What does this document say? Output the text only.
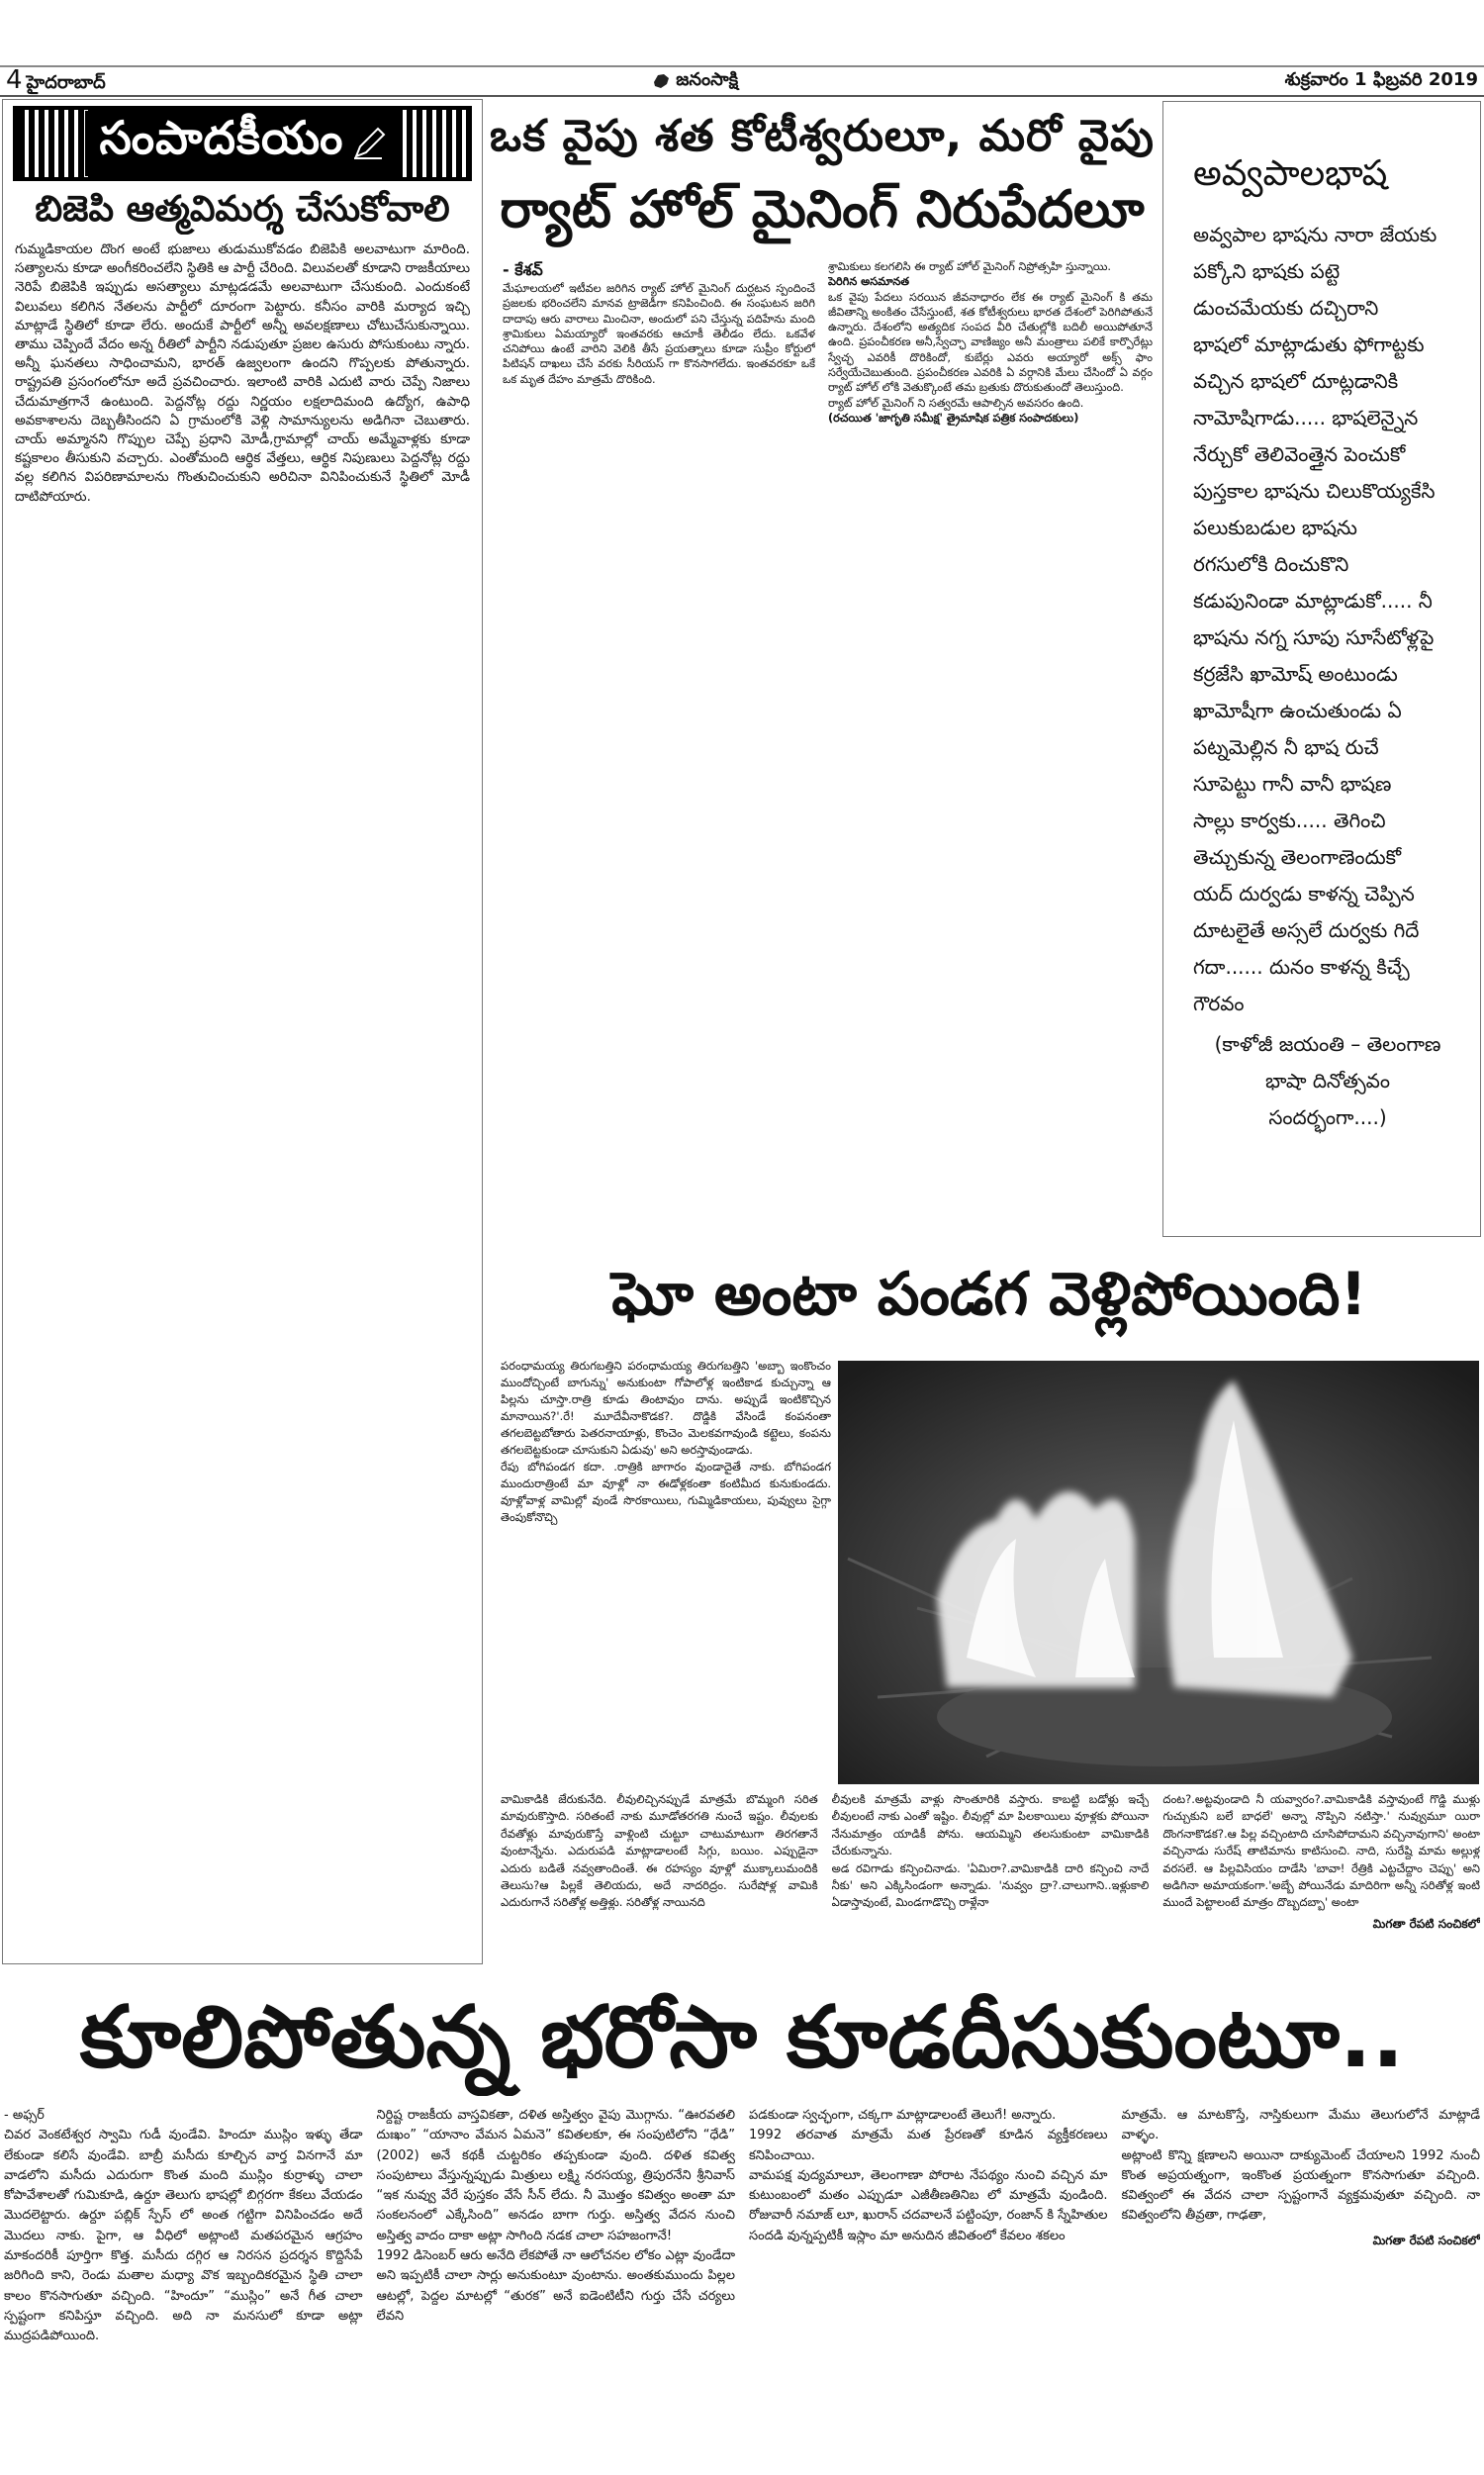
4 హైదరాబాద్	జనంసాక్షి	శుక్రవారం 1 ఫిబ్రవరి 2019
సంపాదకీయం
బిజెపి ఆత్మవిమర్శ చేసుకోవాలి

గుమ్మడికాయల దొంగ అంటే భుజాలు తుడుముకోవడం బిజెపికి అలవాటుగా మారింది. సత్యాలను కూడా అంగీకరించలేని స్థితికి ఆ పార్టీ చేరింది. విలువలతో కూడాని రాజకీయాలు నెరిపే బిజెపికి ఇప్పుడు అసత్యాలు మాట్లడడమే అలవాటుగా చేసుకుంది. ఎందుకంటే విలువలు కలిగిన నేతలను పార్టీలో దూరంగా పెట్టారు. కనీసం వారికి మర్యాద ఇచ్చి మాట్లాడే స్థితిలో కూడా లేరు. అందుకే పార్టీలో అన్నీ అవలక్షణాలు చోటుచేసుకున్నాయి. తాము చెప్పిందే వేదం అన్న రీతిలో పార్టీని నడుపుతూ ప్రజల ఉసురు పోసుకుంటు న్నారు. అన్నీ ఘనతలు సాధించామని, భారత్ ఉజ్వలంగా ఉందని గొప్పలకు పోతున్నారు. రాష్ట్రపతి ప్రసంగంలోనూ అదే ప్రవచించారు. ఇలాంటి వారికి ఎదుటి వారు చెప్పే నిజాలు చేదుమాత్రగానే ఉంటుంది. పెద్దనోట్ల రద్దు నిర్ణయం లక్షలాదిమంది ఉద్యోగ, ఉపాధి అవకాశాలను దెబ్బతీసిందని ఏ గ్రామంలోకి వెళ్లి సామాన్యులను అడిగినా చెబుతారు. చాయ్ అమ్మానని గొప్పుల చెప్పే ప్రధాని మోడీ,గ్రామాల్లో చాయ్ అమ్మేవాళ్లకు కూడా కష్టకాలం తీసుకుని వచ్చారు. ఎంతోమంది ఆర్థిక వేత్తలు, ఆర్థిక నిపుణులు పెద్దనోట్ల రద్దు వల్ల కలిగిన విపరిణామాలను గొంతుచించుకుని అరిచినా వినిపించుకునే స్థితిలో మోడీ దాటిపోయారు.

ఒక వైపు శత కోటీశ్వరులూ, మరో వైపు
ర్యాట్ హోల్ మైనింగ్ నిరుపేదలూ
- కేశవ్

మేఘాలయలో ఇటీవల జరిగిన ర్యాట్ హోల్ మైనింగ్ దుర్ఘటన స్పందించే ప్రజలకు భరించలేని మానవ ట్రాజెడీగా కనిపించింది. ఈ సంఘటన జరిగి దాదాపు ఆరు వారాలు మించినా, అందులో పని చేస్తున్న పదిహేను మంది శ్రామికులు ఏమయ్యారో ఇంతవరకు ఆచూకీ తెలీడం లేదు. ఒకవేళ చనిపోయి ఉంటే వారిని వెలికి తీసే ప్రయత్నాలు కూడా సుప్రీం కోర్టులో పిటిషన్ దాఖలు చేసే వరకు సీరియస్ గా కొనసాగలేదు. ఇంతవరకూ ఒకే ఒక మృత దేహం మాత్రమే దొరికింది.

శ్రామికులు కలగలిసి ఈ ర్యాట్ హోల్ మైనింగ్ నిప్రోత్సహి స్తున్నాయి.

పెరిగిన అసమానత

ఒక వైపు పేదలు సరయిన జీవనాధారం లేక ఈ ర్యాట్ మైనింగ్ కి తమ జీవితాన్ని అంకితం చేసేస్తుంటే, శత కోటీశ్వరులు భారత దేశంలో పెరిగిపోతునే ఉన్నారు. దేశంలోని అత్యదిక సంపద వీరి చేతుల్లోకి బదిలీ అయిపోతూనే ఉంది. ప్రపంచీకరణ అనీ,స్వేచ్ఛా వాణిజ్యం అనీ మంత్రాలు పలికే కార్పొరేట్లు స్వేచ్ఛ ఎవరికీ దొరికిందో, కుబేర్లు ఎవరు అయ్యారో అక్స్ ఫాం సర్వేయేచెబుతుంది. ప్రపంచీకరణ ఎవరికి ఏ వర్గానికి మేలు చేసిందో ఏ వర్గం ర్యాట్ హోల్ లోకి వెతుక్కొంటే తమ బ్రతుకు దొరుకుతుందో తెలుస్తుంది.

ర్యాట్ హోల్ మైనింగ్ ని సత్వరమే ఆపాల్సిన అవసరం ఉంది.

(రచయిత 'జాగృతి సమీక్ష' త్రైమాషిక పత్రిక సంపాదకులు)
అవ్వపాలభాష
అవ్వపాల భాషను నారా జేయకు
పక్కోని భాషకు పట్టె
డుంచమేయకు దచ్చిరాని
భాషలో మాట్లాడుతు ఫోగాట్టకు
వచ్చిన భాషలో దూట్లడానికి
నామోషిగాడు..... భాషలెన్నైన
నేర్చుకో తెలివెంత్తైన పెంచుకో
పుస్తకాల భాషను చిలుకొయ్యకేసి
పలుకుబడుల భాషను
రగసులోకి దించుకొని
కడుపునిండా మాట్లాడుకో..... నీ
భాషను నగ్న సూపు సూసేటోళ్లపై
కర్రజేసి ఖామోష్ అంటుండు
ఖామోషీగా ఉంచుతుండు ఏ
పట్నమెల్లిన నీ భాష రుచే
సూపెట్టు గానీ వానీ భాషణ
సాల్లు కార్వకు..... తెగించి
తెచ్చుకున్న తెలంగాణెందుకో
యద్ దుర్వడు కాళన్న చెప్పిన
దూటలైతే అస్సలే దుర్వకు గిదే
గదా...... దునం కాళన్న కిచ్చే
గౌరవం
(కాళోజీ జయంతి – తెలంగాణ
భాషా దినోత్సవం
సందర్భంగా....)
ఘో అంటా పండగ వెళ్లిపోయింది!

పరంధామయ్య తిరుగబత్తిని పరంధామయ్య తిరుగబత్తిని 'అబ్బా ఇంకొంచం ముందోచ్చింటే బాగున్ను' అనుకుంటా గోపాలోళ్ల ఇంటికాడ కుచ్చున్నా ఆ పిల్లను చూస్తా.రాత్రి కూడు తింటావుం దాను. అప్పుడే ఇంటికొచ్చిన మానాయిన?'.రే! మూదేవీనాకొడక?. దొడ్డికి వేసిండే కంపనంతా తగలబెట్టబోతారు పెతరనాయాళ్లు, కొంచెం మెలకవగావుండి కట్టెలు, కంపను తగలబెట్టకుండా చూసుకుని ఏడువు' అని అరస్తావుండాడు.

రేపు బోగిపండగ కదా. .రాత్రికి జాగారం వుండాదైతే నాకు. బోగిపండగ ముందురాత్రింటే మా వూళ్లో నా ఈడోళ్లకంతా కంటిమీద కునుకుండదు. వూళ్లోవాళ్ల వామిల్లో వుండే సొరకాయిలు, గుమ్మిడికాయలు, పువ్వులు సైగ్గా తెంపుకోనొచ్చి

వామికాడికి జేరుకునేది. లీవులిచ్చినప్పుడే మాత్రమే బొమ్మంగి సరిత మావురుకొస్తాది. సరితంటే నాకు మూడోతరగతి నుంచే ఇష్టం. లీవులకు రేవతోళ్లు మావురుకొస్తే వాళ్లింటి చుట్టూ చాటుమాటుగా తిరగతానే వుంటాన్నేను. ఎదురుపడి మాట్లాడాలంటే సిగ్గు, బయిం. ఎప్పుడైనా ఎదురు బడితే నవ్వతాందింతే. ఈ రహస్యం వూళ్లో ముక్కాలుమందికి తెలుసు?ఆ పిల్లకే తెలియదు, అదే నాదరిద్రం. సురేషోళ్ల వామికి ఎదురుగానే సరితోళ్ల అత్తిళ్లు. సరితోళ్ల నాయినది

లీవులకి మాత్రమే వాళ్లు సొంతూరికి వస్తారు. కాబట్టి బడోళ్లు ఇచ్చే లీవులంటే నాకు ఎంతో ఇష్టిం. లీవుల్లో మా పిలకాయిలు వూళ్లకు పోయినా నేనుమాత్రం యాడికీ పోను. ఆయమ్మిని తలసుకుంటా వామికాడికి చేరుకున్నాను.

అడ రవిగాడు కన్పించినాడు. 'ఏమిరా?.వామికాడికి దారి కన్పించి నాదే నీకు' అని ఎక్కిసిండంగా అన్నాడు. 'నువ్వం ద్రా?.చాలుగాని..ఇళ్లుకాలి ఏడాస్తావుంటే, మిండగాడొచ్చి రాళ్లేనా

దంట?.అట్టవుండాది నీ యవ్వారం?.వామికాడికి వస్తావుంటే గొడ్డి ముళ్లు గుచ్చుకుని బలే బాధలే' అన్నా నొప్పిని నటిస్తా.' నువ్వుమూ యిరా దొంగనాకొడక?.ఆ పిల్ల వచ్చింటాది చూసిపోదామని వచ్చినావుగాని' అంటా వచ్చినాడు సురేష్ తాటిమాను కాటిసుంచి. నాది, సురేష్ది మామ అల్లుళ్ల వరసలే. ఆ పిల్లవిసియం దాడేసి 'బావా! రేత్రికి ఎట్టచేద్దాం చెప్పు' అని అడిగినా అమాయకంగా.'అబ్బే పోయినేడు మాదిరిగా అన్నీ సరితోళ్ల ఇంటి ముందే పెట్టాలంటే మాత్రం దొబ్బదబ్బా' అంటా

మిగతా రేపటి సంచికలో
కూలిపోతున్న భరోసా కూడదీసుకుంటూ..
- అఫ్సర్

చివర వెంకటేశ్వర స్వామి గుడీ వుండేవి. హిందూ ముస్లిం ఇళ్ళు తేడా లేకుండా కలిసే వుండేవి. బాబ్రీ మసీదు కూల్చిన వార్త వినగానే మా వాడలోని మసీదు ఎదురుగా కొంత మంది ముస్లిం కుర్రాళ్ళు చాలా కోపావేశాలతో గుమికూడి, ఉర్దూ తెలుగు భాషల్లో బిగ్గరగా కేకలు వేయడం మొదలెట్టారు. ఉర్దూ పబ్లిక్ స్పేస్ లో అంత గట్టిగా వినిపించడం అదే మొదలు నాకు. పైగా, ఆ వీధిలో అట్లాంటి మతపరమైన ఆగ్రహం మాకందరికీ పూర్తిగా కొత్త. మసీదు దగ్గిర ఆ నిరసన ప్రదర్శన కొద్దిసేపే జరిగింది కాని, రెండు మతాల మధ్యా వొక ఇబ్బందికరమైన స్థితి చాలా కాలం కొనసాగుతూ వచ్చింది. “హిందూ” “ముస్లిం” అనే గీత చాలా స్పష్టంగా కనిపిస్తూ వచ్చింది. అది నా మనసులో కూడా అట్లా ముద్రపడిపోయింది.

నిర్దిష్ట రాజకీయ వాస్తవికతా, దళిత అస్తిత్వం వైపు మొగ్గాను. “ఊరవతలి దుఃఖం” “యానాం వేమన ఏమనె” కవితలకూ, ఈ సంపుటిలోని “ధేడి” (2002) అనే కథకీ చుట్టరికం తప్పకుండా వుంది. దళిత కవిత్వ సంపుటాలు వేస్తున్నప్పుడు మిత్రులు లక్ష్మి నరసయ్య, త్రిపురనేని శ్రీనివాస్ “ఇక నువ్వు వేరే పుస్తకం వేసే సీన్ లేదు. నీ మొత్తం కవిత్వం అంతా మా సంకలనంలో ఎక్కేసింది” అనడం బాగా గుర్తు. అస్తిత్వ వేదన నుంచి అస్తిత్వ వాదం దాకా అట్లా సాగింది నడక చాలా సహజంగానే!

1992 డిసెంబర్ ఆరు అనేది లేకపోతే నా ఆలోచనల లోకం ఎట్లా వుండేదా అని ఇప్పటికీ చాలా సార్లు అనుకుంటూ వుంటాను. అంతకుముందు పిల్లల ఆటల్లో, పెద్దల మాటల్లో “తురక” అనే ఐడెంటిటీని గుర్తు చేసే చర్యలు లేవని

పడకుండా స్వచ్ఛంగా, చక్కగా మాట్లాడాలంటే తెలుగే! అన్నారు.

1992 తరవాత మాత్రమే మత ప్రేరణతో కూడిన వ్యక్తీకరణలు కనిపించాయి.

వామపక్ష వుద్యమాలూ, తెలంగాణా పోరాట నేపథ్యం నుంచి వచ్చిన మా కుటుంబంలో మతం ఎప్పుడూ ఎజీతీణతినిబ లో మాత్రమే వుండింది. రోజువారీ నమాజ్ లూ, ఖురాన్ చదవాలనే పట్టింపూ, రంజాన్ కి స్నేహితుల సందడి వున్నప్పటికీ ఇస్లాం మా అనుదిన జీవితంలో కేవలం శకలం

మాత్రమే. ఆ మాటకొస్తే, నాస్తికులుగా మేము తెలుగులోనే మాట్లాడే వాళ్ళం.

అట్లాంటి కొన్ని క్షణాలని అయినా దాక్యుమెంట్ చేయాలని 1992 నుంచీ కొంత అప్రయత్నంగా, ఇంకొంత ప్రయత్నంగా కొనసాగుతూ వచ్చింది. కవిత్వంలో ఈ వేదన చాలా స్పష్టంగానే వ్యక్తమవుతూ వచ్చింది. నా కవిత్వంలోని తీవ్రతా, గాఢతా,

మిగతా రేపటి సంచికలో
